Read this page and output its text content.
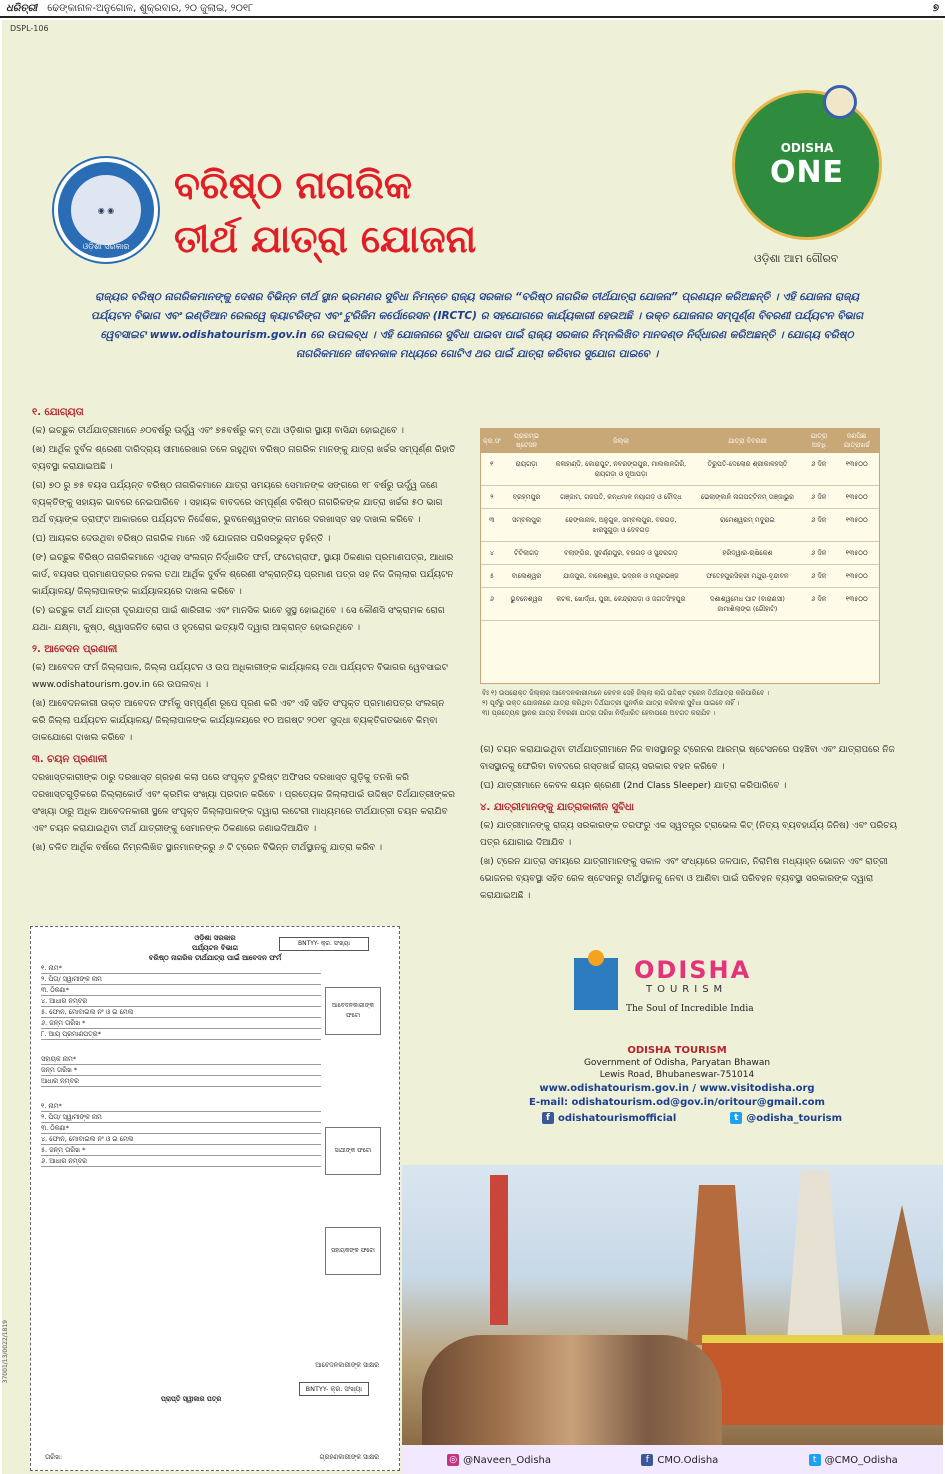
ଧରିତ୍ରୀ ଢେଙ୍କାନାଳ-ଅନୁଗୋଳ, ଶୁକ୍ରବାର, ୨୦ ଜୁଲାଇ, ୨୦୧୮	୭
DSPL-106
◉ ◉
ଓଡ଼ିଶା ସରକାର
ବରିଷ୍ଠ ନାଗରିକ
ତୀର୍ଥ ଯାତ୍ରା ଯୋଜନା
ODISHA
ONE
ଓଡ଼ିଶା ଆମ ଗୌରବ
ରାଜ୍ୟର ବରିଷ୍ଠ ନାଗରିକମାନଙ୍କୁ ଦେଶର ବିଭିନ୍ନ ତୀର୍ଥ ସ୍ଥାନ ଭ୍ରମଣର ସୁବିଧା ନିମନ୍ତେ ରାଜ୍ୟ ସରକାର “ବରିଷ୍ଠ ନାଗରିକ ତୀର୍ଥଯାତ୍ରା ଯୋଜନା” ପ୍ରଣୟନ କରିଅଛନ୍ତି । ଏହି ଯୋଜନା ରାଜ୍ୟ ପର୍ଯ୍ୟଟନ ବିଭାଗ ଏବଂ ଇଣ୍ଡିଆନ ରେଲୱେ କ୍ୟାଟରିଙ୍ଗ ଏବଂ ଟୁରିଜିମ କର୍ପୋରେସନ (IRCTC) ର ସହଯୋଗରେ କାର୍ଯ୍ୟକାରୀ ହେଉଅଛି । ଉକ୍ତ ଯୋଜନାର ସମ୍ପୂର୍ଣ୍ଣ ବିବରଣୀ ପର୍ଯ୍ୟଟନ ବିଭାଗ ୱେବସାଇଟ www.odishatourism.gov.in ରେ ଉପଲବ୍ଧ । ଏହି ଯୋଜନାରେ ସୁବିଧା ପାଇବା ପାଇଁ ରାଜ୍ୟ ସରକାର ନିମ୍ନଲିଖିତ ମାନଦଣ୍ଡ ନିର୍ଦ୍ଧାରଣ କରିଅଛନ୍ତି । ଯୋଗ୍ୟ ବରିଷ୍ଠ ନାଗରିକମାନେ ଜୀବନକାଳ ମଧ୍ୟରେ ଗୋଟିଏ ଥର ପାଇଁ ଯାତ୍ରା କରିବାର ସୁଯୋଗ ପାଇବେ ।
୧. ଯୋଗ୍ୟତା

(କ) ଇଚ୍ଛୁକ ତୀର୍ଥଯାତ୍ରୀମାନେ ୬୦ବର୍ଷରୁ ଊର୍ଦ୍ଧ୍ୱ ଏବଂ ୭୫ବର୍ଷରୁ କମ୍ ତଥା ଓଡ଼ିଶାର ସ୍ଥାୟୀ ବାସିନ୍ଦା ହୋଇଥିବେ ।

(ଖ) ଆର୍ଥିକ ଦୁର୍ବଳ ଶ୍ରେଣୀ ଦାରିଦ୍ର୍ୟ ସୀମାରେଖାର ତଳେ ରହୁଥିବା ବରିଷ୍ଠ ନାଗରିକ ମାନଙ୍କୁ ଯାତ୍ରା ଖର୍ଚ୍ଚର ସମ୍ପୂର୍ଣ୍ଣ ରିହାତି ବ୍ୟବସ୍ଥା କରାଯାଇଅଛି ।

(ଗ) ୭୦ ରୁ ୭୫ ବୟସ ପର୍ଯ୍ୟନ୍ତ ବରିଷ୍ଠ ନାଗରିକମାନେ ଯାତ୍ରା ସମୟରେ ସେମାନଙ୍କ ସଙ୍ଗରେ ୧୮ ବର୍ଷରୁ ଊର୍ଦ୍ଧ୍ୱ ଜଣେ ବ୍ୟକ୍ତିଙ୍କୁ ସହାୟକ ଭାବରେ ନେଇପାରିବେ । ସହାୟକ ବାବଦରେ ସମ୍ପୂର୍ଣ୍ଣ ବରିଷ୍ଠ ନାଗରିକଙ୍କ ଯାତ୍ରା ଖର୍ଚ୍ଚର ୫୦ ଭାଗ ଅର୍ଥ ବ୍ୟାଙ୍କ ଡ୍ରାଫ୍ଟ ଆକାରରେ ପର୍ଯ୍ୟଟନ ନିର୍ଦ୍ଦେଶକ, ଭୁବନେଶ୍ୱରଙ୍କ ନାମରେ ଦରଖାସ୍ତ ସହ ଦାଖଲ କରିବେ ।

(ଘ) ଆୟକର ଦେଉଥିବା ବରିଷ୍ଠ ନାଗରିକ ମାନେ ଏହି ଯୋଜନାର ପରିସରଭୁକ୍ତ ନୁହଁନ୍ତି ।

(ଙ) ଇଚ୍ଛୁକ ବିରିଷ୍ଠ ନାଗରିକମାନେ ଏଥିସହ ସଂଲଗ୍ନ ନିର୍ଦ୍ଧାରିତ ଫର୍ମ, ଫଟୋଗ୍ରାଫ, ସ୍ଥାୟୀ ଠିକଣାର ପ୍ରମାଣପତ୍ର, ଆଧାର କାର୍ଡ, ବୟସର ପ୍ରମାଣପତ୍ରର ନକଲ ତଥା ଆର୍ଥିକ ଦୁର୍ବଳ ଶ୍ରେଣୀ ସଂକ୍ରାନ୍ତିୟ ପ୍ରମାଣ ପତ୍ର ସହ ନିଜ ଜିଲ୍ଲାର ପର୍ଯ୍ୟଟନ କାର୍ଯ୍ୟାଳୟ/ ଜିଲ୍ଲାପାଳଙ୍କ କାର୍ଯ୍ୟାଳୟରେ ଦାଖଲ କରିବେ ।

(ଚ) ଇଚ୍ଛୁକ ତୀର୍ଥ ଯାତ୍ରୀ ଦୂରଯାତ୍ରା ପାଇଁ ଶାରିରୀକ ଏବଂ ମାନସିକ ଭାବେ ସୁସ୍ଥ ହୋଇଥିବେ । ସେ କୌଣସି ସଂକ୍ରାମକ ରୋଗ ଯଥା- ଯକ୍ଷ୍ମା, କୁଷ୍ଠ, ଶ୍ୱାସଜନିତ ରୋଗ ଓ ହୃଦରୋଗ ଇତ୍ୟାଦି ଦ୍ୱାରା ଆକ୍ରାନ୍ତ ହୋଇନଥିବେ ।

୨. ଆବେଦନ ପ୍ରଣାଳୀ

(କ) ଆବେଦନ ଫର୍ମ ଜିଲ୍ଲାପାଳ, ଜିଲ୍ଲା ପର୍ଯ୍ୟଟନ ଓ ଉପ ଅଧିକାରୀଙ୍କ କାର୍ଯ୍ୟାଳୟ ତଥା ପର୍ଯ୍ୟଟନ ବିଭାଗର ୱେବସାଇଟ www.odishatourism.gov.in ରେ ଉପଲବ୍ଧ ।

(ଖ) ଆବେଦନକାରୀ ଉକ୍ତ ଆବେଦନ ଫର୍ମକୁ ସମ୍ପୂର୍ଣ୍ଣ ରୂପେ ପୂରଣ କରି ଏବଂ ଏହି ସହିତ ସଂପୃକ୍ତ ପ୍ରମାଣପତ୍ର ସଂଲଗ୍ନ କରି ଜିଲ୍ଲା ପର୍ଯ୍ୟଟନ କାର୍ଯ୍ୟାଳୟ/ ଜିଲ୍ଲାପାଳଙ୍କ କାର୍ଯ୍ୟାଳୟରେ ୧୦ ଅଗଷ୍ଟ ୨୦୧୮ ସୁଦ୍ଧା ବ୍ୟକ୍ତିଗତଭାବେ କିମ୍ବା ଡାକଯୋଗେ ଦାଖଲ କରିବେ ।

୩. ଚୟନ ପ୍ରଣାଳୀ

ଦରଖାସ୍ତକାରୀଙ୍କ ଠାରୁ ଦରଖାସ୍ତ ଗ୍ରହଣ କଲା ପରେ ସଂପୃକ୍ତ ଟୁରିଷ୍ଟ ଅଫିସର ଦରଖାସ୍ତ ଗୁଡ଼ିକୁ ତନଖି କରି ଦରଖାସ୍ତଗୁଡ଼ିକରେ ଜିଲ୍ଲାକୋର୍ଡ ଏବଂ କ୍ରମିକ ସଂଖ୍ୟା ପ୍ରଦାନ କରିବେ । ପ୍ରତ୍ୟେକ ଜିଲ୍ଲାପାଇଁ ଉଦ୍ଦିଷ୍ଟ ତିର୍ଥଯାତ୍ରୀଙ୍କର ସଂଖ୍ୟା ଠାରୁ ଅଧିକ ଆବେଦନକାରୀ ସ୍ଥଳେ ସଂପୃକ୍ତ ଜିଲ୍ଲାପାଳଙ୍କ ଦ୍ୱାରା ଲଟେରୀ ମାଧ୍ୟମରେ ତୀର୍ଥଯାତ୍ରୀ ଚୟନ କରାଯିବ ଏବଂ ଚୟନ କରାଯାଇଥିବା ତୀର୍ଥ ଯାତ୍ରୀଙ୍କୁ ସେମାନଙ୍କ ଠିକଣାରେ ଜଣାଇଦିଆଯିବ ।

(ଖ) ଚଳିତ ଆର୍ଥିକ ବର୍ଷରେ ନିମ୍ନଲିଖିତ ସ୍ଥାନମାନଙ୍କରୁ ୬ ଟି ଟ୍ରେନ ବିଭିନ୍ନ ତୀର୍ଥସ୍ଥାନକୁ ଯାତ୍ରା କରିବ ।

କ୍ର.ସଂ	ପ୍ରାରମ୍ଭ ଷ୍ଟେସନ	ଜିଲ୍ଲା	ଯାତ୍ରା ବିବରଣୀ	ଯାତ୍ରା ଅବଧି	ଜଣପିଛା ଯାତ୍ରାଖର୍ଚ୍ଚ
୧	ରାୟଗଡ଼ା	କଳାହାଣ୍ଡି, କୋରାପୁଟ, ନବରଙ୍ଗପୁର, ମାଲକାନଗିରି, ରାୟଗଡ଼ା ଓ ନୂଆପଡ଼ା	ତିରୁପତି-ଦେଲୋର ଶ୍ରୀକାଳହସ୍ତି	୬ ଦିନ	୧୩୫୦୦
୨	ବ୍ରହ୍ମପୁର	ଗଞ୍ଜାମ, ଗଜପତି, କନ୍ଧମାଳ ନୟାଗଡ଼ ଓ ବୌଦ୍ଧ	ଭେଲାଙ୍କାନି ନାଗପଟ୍ଟିନମ୍ ତାଞ୍ଜାଭୁର	୬ ଦିନ	୧୩୫୦୦
୩	ସମ୍ବଲପୁର	ଢେଙ୍କାନାଳ, ଅନୁଗୁଳ, ସମ୍ବଲପୁର, ବରଗଡ଼, ଝାରସୁଗୁଡ଼ା ଓ ଦେବଗଡ଼	ରାମେଶ୍ୱରମ୍ ମଦୁରାଇ	୬ ଦିନ	୧୩୫୦୦
୪	ଟିଟିଲାଗଡ଼	ବଲାଙ୍ଗିର, ସୁବର୍ଣ୍ଣପୁର, ବରଗଡ଼ ଓ ସୁନ୍ଦରଗଡ଼	ହରିଦ୍ୱାର-ଋଷିକେଶ	୬ ଦିନ	୧୩୫୦୦
୫	ବାଲେଶ୍ୱର	ଯାଜପୁର, ବାଲେଶ୍ୱର, ଭଦ୍ରକ ଓ ମୟୂରଭଞ୍ଜ	ଫତେହପୁରସିକ୍ରୀ ମଥୁରା-ବୃନ୍ଦାବନ	୬ ଦିନ	୧୩୫୦୦
୬	ଭୁବନେଶ୍ୱର	କଟକ, ଖୋର୍ଦ୍ଧା, ପୁରୀ, କେନ୍ଦ୍ରାପଡ଼ା ଓ ଜଗତସିଂହପୁର	ଦଶାଶ୍ୱମେଧ ଘାଟ (ବାରାଣସୀ) ଜାମାଶିଲାଙ୍ଗ (ଗୌହାଟି)	୬ ଦିନ	୧୩୫୦୦
ବିଃ ୧) ଉପରୋକ୍ତ ଜିଲ୍ଲାର ଆବେଦନକାରୀମାନେ କେବଳ ସେହି ଜିଲ୍ଲା ଲାଗି ଉଦ୍ଦିଷ୍ଟ ଟ୍ରେନ ତିର୍ଥଯାତ୍ରା କରିପାରିବେ ।
୨) ପୂର୍ବରୁ ଉକ୍ତ ଯୋଜନାରେ ଯାତ୍ରା କରିଥିବା ତିର୍ଥଯାତ୍ରୀ ପୁନର୍ବାର ଯାତ୍ରା କରିବାର ସୁବିଧା ପାଇବେ ନାହିଁ ।
୩) ପ୍ରତ୍ୟେକ ସ୍ଥାନର ଯାତ୍ରା ବିବରଣୀ ଯାତ୍ରା ତାରିଖ ନିର୍ଦ୍ଧାରିତ ହେବାପରେ ଅବଗତ କରାଯିବ ।

(ଗ) ଚୟନ କରାଯାଇଥିବା ତୀର୍ଥଯାତ୍ରୀମାନେ ନିଜ ବାସସ୍ଥାନରୁ ଟ୍ରେନର ଆରମ୍ଭ ଷ୍ଟେସନରେ ପହଞ୍ଚିବା ଏବଂ ଯାତ୍ରାପରେ ନିଜ ବାସସ୍ଥାନକୁ ଫେରିବା ବାବଦରେ ଗସ୍ତଖର୍ଚ୍ଚ ରାଜ୍ୟ ସରକାର ବହନ କରିବେ ।

(ଘ) ଯାତ୍ରୀମାନେ କେବଳ ଶୟନ ଶ୍ରେଣୀ (2nd Class Sleeper) ଯାତ୍ରା କରିପାରିବେ ।

୪. ଯାତ୍ରୀମାନଙ୍କୁ ଯାତ୍ରାକାଳୀନ ସୁବିଧା

(କ) ଯାତ୍ରୀମାନଙ୍କୁ ରାଜ୍ୟ ସରକାରଙ୍କ ତରଫରୁ ଏକ ସ୍ୱତନ୍ତ୍ର ଟ୍ରାଭେଲ କିଟ୍ (ନିତ୍ୟ ବ୍ୟବହାର୍ଯ୍ୟ ଜିନିଷ) ଏବଂ ପରିଚୟ ପତ୍ର ଯୋଗାଇ ଦିଆଯିବ ।

(ଖ) ଟ୍ରେନ ଯାତ୍ରା ସମୟରେ ଯାତ୍ରୀମାନଙ୍କୁ ସକାଳ ଏବଂ ସଂଧ୍ୟାରେ ଜଳପାନ, ନିରାମିଷ ମଧ୍ୟାହ୍ନ ଭୋଜନ ଏବଂ ରାତ୍ରୀ ଭୋଜନର ବ୍ୟବସ୍ଥା ସହିତ ରେଳ ଷ୍ଟେସନରୁ ତୀର୍ଥସ୍ଥାନକୁ ନେବା ଓ ଆଣିବା ପାଇଁ ପରିବହନ ବ୍ୟବସ୍ଥା ସରକାରଙ୍କ ଦ୍ୱାରା କରାଯାଇଅଛି ।

BNTYY- କ୍ର. ସଂଖ୍ୟା
ଓଡ଼ିଶା ସରକାର
ପର୍ଯ୍ୟଟନ ବିଭାଗ
ବରିଷ୍ଠ ନାଗରିକ ତୀର୍ଥଯାତ୍ରା ପାଇଁ ଆବେଦନ ଫର୍ମ
ଆବେଦନକାରୀଙ୍କ ଫଟୋ
ସାଥୀଙ୍କ ଫଟୋ
ସହାୟକଙ୍କ ଫଟୋ
୧. ନାମ*
୨. ପିତା/ ସ୍ୱାମୀଙ୍କ ନାମ
୩. ଠିକଣା*
୪. ଆଧାର ନମ୍ବର
୫. ଫୋନ, ମୋବାଇଲ ନଂ ଓ ଇ ମେଲ
୬. ଜନ୍ମ ତାରିଖ *
୮. ଆୟ ପ୍ରମାଣପତ୍ର*
ସହାୟକ ନାମ*
ଜନ୍ମ ତାରିଖ *
ଆଧାର ନମ୍ବର
୧. ନାମ*
୨. ପିତା/ ସ୍ୱାମୀଙ୍କ ନାମ
୩. ଠିକଣା*
୪. ଫୋନ, ମୋବାଇଲ ନଂ ଓ ଇ ମେଲ
୫. ଜନ୍ମ ତାରିଖ *
୬. ଆଧାର ନମ୍ବର
ଆବେଦନକାରୀଙ୍କ ସାକ୍ଷର
ପ୍ରାପ୍ତି ସ୍ୱୀକାର ପତ୍ର
BNTYY- କ୍ର. ସଂଖ୍ୟା
ତାରିଖ:	ଗ୍ରହଣକାରୀଙ୍କ ସାକ୍ଷର
ODISHA
TOURISM
The Soul of Incredible India
ODISHA TOURISM
Government of Odisha, Paryatan Bhawan
Lewis Road, Bhubaneswar-751014
www.odishatourism.gov.in / www.visitodisha.org
E-mail: odishatourism.od@gov.in/oritour@gmail.com
f odishatourismofficial	t @odisha_tourism
◎ @Naveen_Odisha	f CMO.Odisha	t @CMO_Odisha
37001/13/0022/1819
